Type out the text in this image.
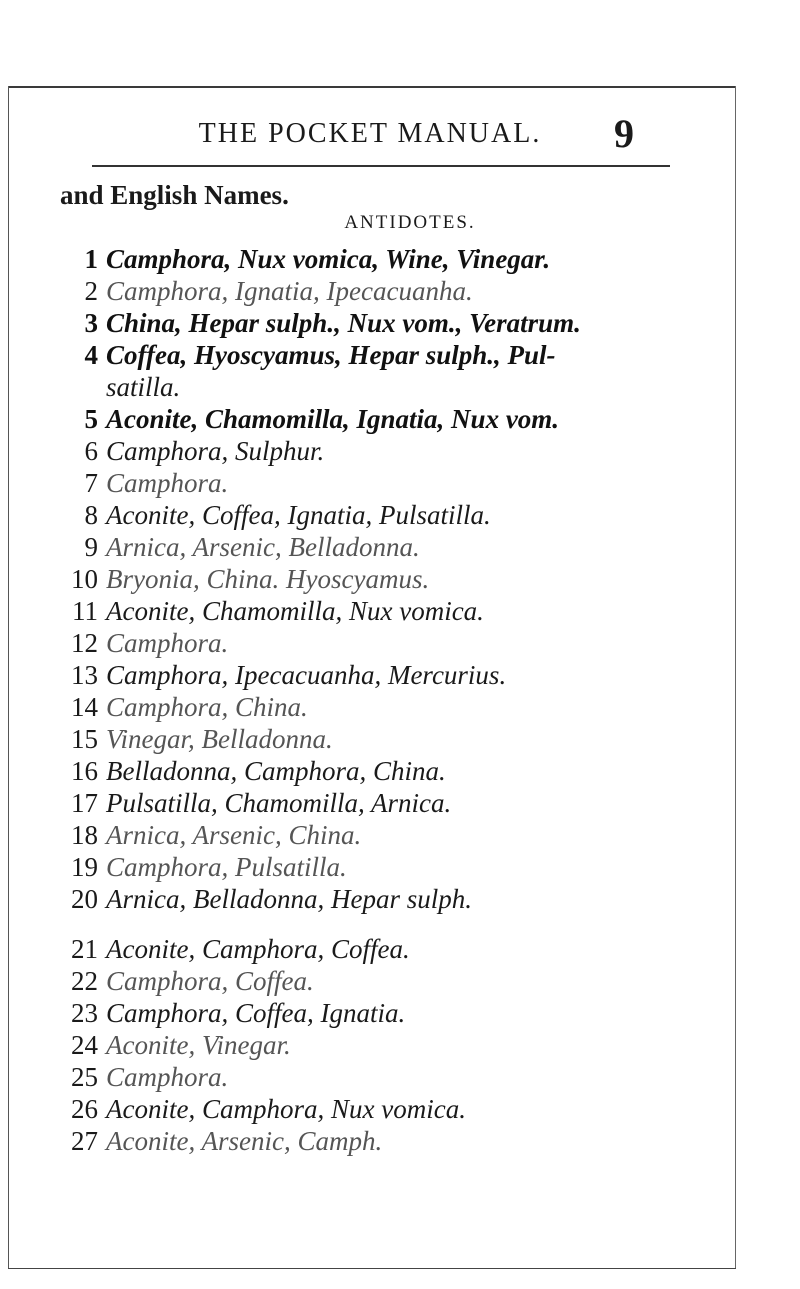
THE POCKET MANUAL.	9
and English Names.
ANTIDOTES.
1 Camphora, Nux vomica, Wine, Vinegar.
2 Camphora, Ignatia, Ipecacuanha.
3 China, Hepar sulph., Nux vom., Veratrum.
4 Coffea, Hyoscyamus, Hepar sulph., Pul-
satilla.
5 Aconite, Chamomilla, Ignatia, Nux vom.
6 Camphora, Sulphur.
7 Camphora.
8 Aconite, Coffea, Ignatia, Pulsatilla.
9 Arnica, Arsenic, Belladonna.
10 Bryonia, China. Hyoscyamus.
11 Aconite, Chamomilla, Nux vomica.
12 Camphora.
13 Camphora, Ipecacuanha, Mercurius.
14 Camphora, China.
15 Vinegar, Belladonna.
16 Belladonna, Camphora, China.
17 Pulsatilla, Chamomilla, Arnica.
18 Arnica, Arsenic, China.
19 Camphora, Pulsatilla.
20 Arnica, Belladonna, Hepar sulph.
21 Aconite, Camphora, Coffea.
22 Camphora, Coffea.
23 Camphora, Coffea, Ignatia.
24 Aconite, Vinegar.
25 Camphora.
26 Aconite, Camphora, Nux vomica.
27 Aconite, Arsenic, Camph.
